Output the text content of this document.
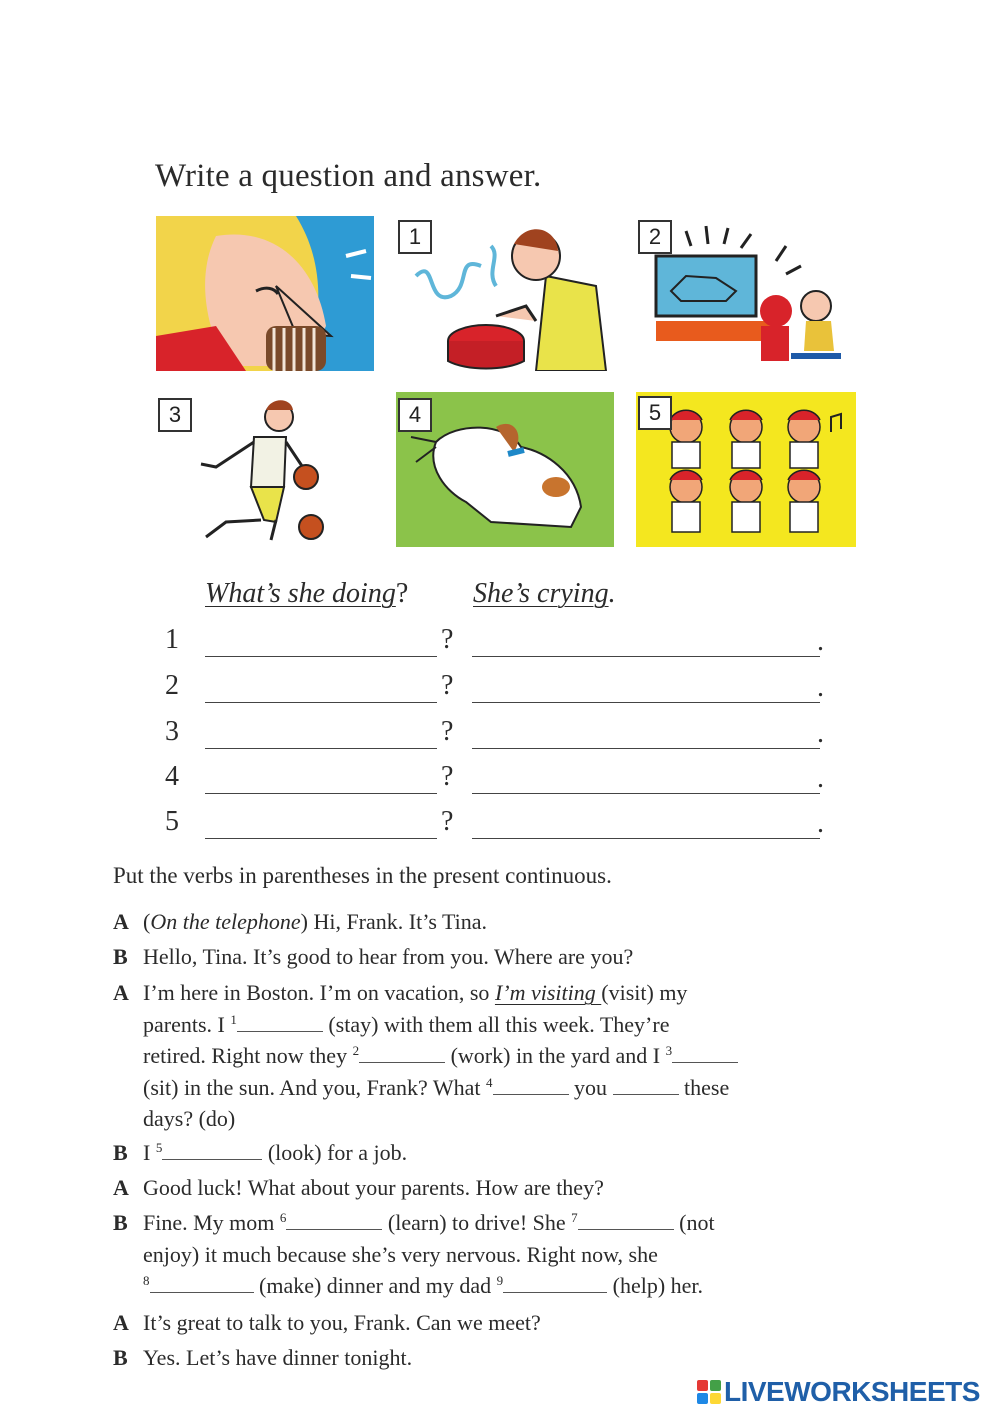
Write a question and answer.
1	2
3	4	5
What’s she doing? She’s crying.
1	?	.
2	?	.
3	?	.
4	?	.
5	?	.
Put the verbs in parentheses in the present continuous.
A (On the telephone) Hi, Frank. It’s Tina.
B Hello, Tina. It’s good to hear from you. Where are you?
A I’m here in Boston. I’m on vacation, so I’m visiting (visit) my
parents. I $^1$	(stay) with them all this week. They’re
retired. Right now they $^2$	(work) in the yard and I $^3$
(sit) in the sun. And you, Frank? What $^4$	you	these
days? (do)
B I $^5$	(look) for a job.
A Good luck! What about your parents. How are they?
B Fine. My mom $^6$	(learn) to drive! She $^7$	(not
enjoy) it much because she’s very nervous. Right now, she
$^8$	(make) dinner and my dad $^9$	(help) her.
A It’s great to talk to you, Frank. Can we meet?
B Yes. Let’s have dinner tonight.
LIVEWORKSHEETS
